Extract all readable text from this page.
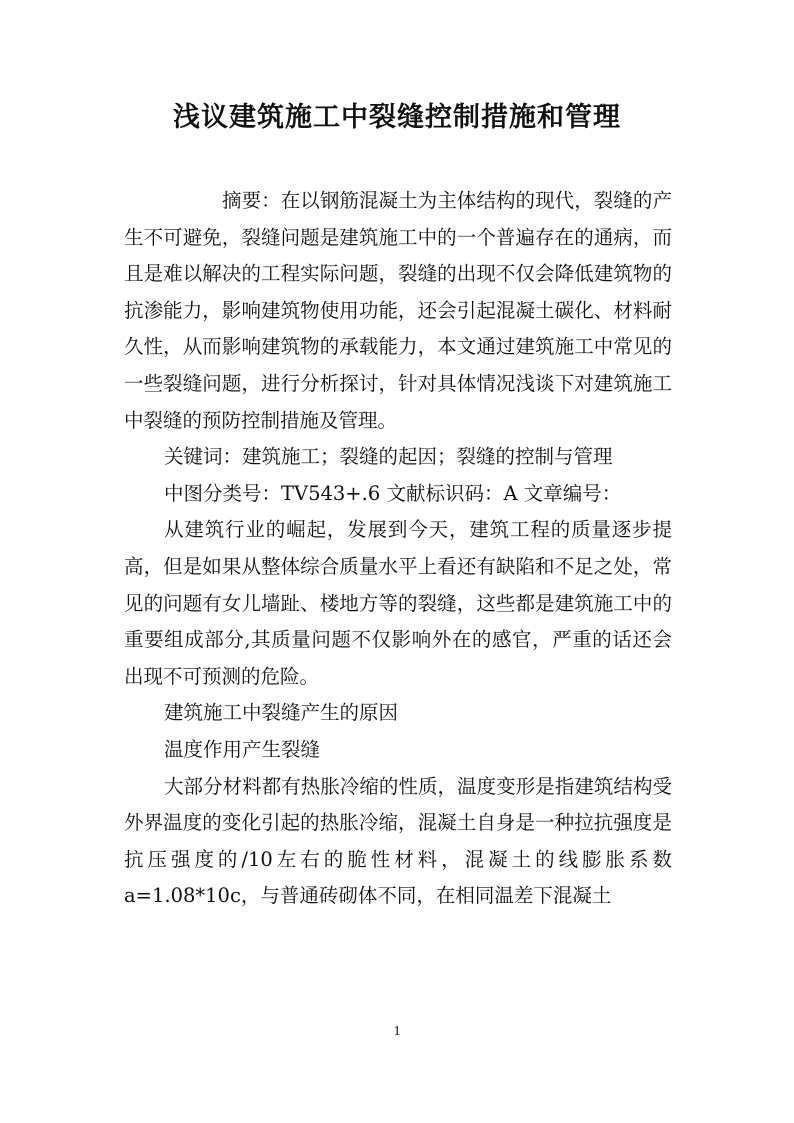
浅议建筑施工中裂缝控制措施和管理

摘要：在以钢筋混凝土为主体结构的现代，裂缝的产生不可避免，裂缝问题是建筑施工中的一个普遍存在的通病，而且是难以解决的工程实际问题，裂缝的出现不仅会降低建筑物的抗渗能力，影响建筑物使用功能，还会引起混凝土碳化、材料耐久性，从而影响建筑物的承载能力，本文通过建筑施工中常见的一些裂缝问题，进行分析探讨，针对具体情况浅谈下对建筑施工中裂缝的预防控制措施及管理。

关键词：建筑施工；裂缝的起因；裂缝的控制与管理

中图分类号：TV543+.6 文献标识码：A 文章编号：

从建筑行业的崛起，发展到今天，建筑工程的质量逐步提高，但是如果从整体综合质量水平上看还有缺陷和不足之处，常见的问题有女儿墙趾、楼地方等的裂缝，这些都是建筑施工中的重要组成部分,其质量问题不仅影响外在的感官，严重的话还会出现不可预测的危险。

建筑施工中裂缝产生的原因

温度作用产生裂缝

大部分材料都有热胀冷缩的性质，温度变形是指建筑结构受外界温度的变化引起的热胀冷缩，混凝土自身是一种拉抗强度是抗压强度的/10左右的脆性材料，混凝土的线膨胀系数 a=1.08*10c，与普通砖砌体不同，在相同温差下混凝土

1
